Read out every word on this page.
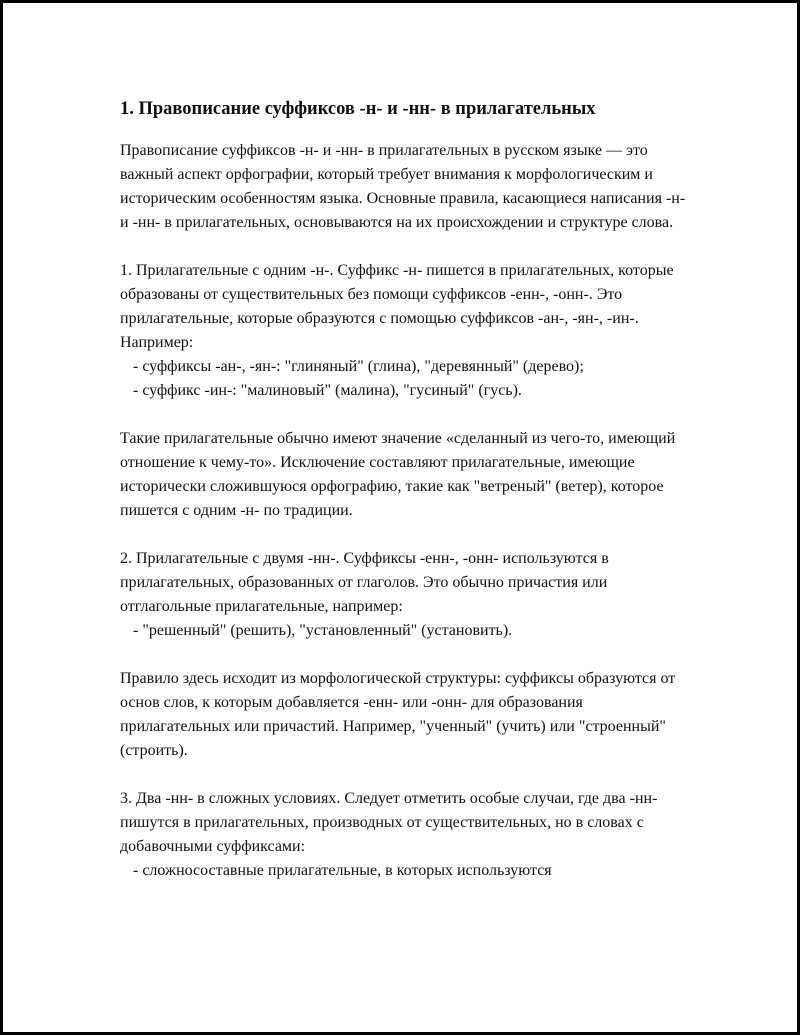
1. Правописание суффиксов -н- и -нн- в прилагательных

Правописание суффиксов -н- и -нн- в прилагательных в русском языке — это важный аспект орфографии, который требует внимания к морфологическим и историческим особенностям языка. Основные правила, касающиеся написания -н- и -нн- в прилагательных, основываются на их происхождении и структуре слова.

1. Прилагательные с одним -н-. Суффикс -н- пишется в прилагательных, которые образованы от существительных без помощи суффиксов -енн-, -онн-. Это прилагательные, которые образуются с помощью суффиксов -ан-, -ян-, -ин-. Например:
- суффиксы -ан-, -ян-: "глиняный" (глина), "деревянный" (дерево);
- суффикс -ин-: "малиновый" (малина), "гусиный" (гусь).

Такие прилагательные обычно имеют значение «сделанный из чего-то, имеющий отношение к чему-то». Исключение составляют прилагательные, имеющие исторически сложившуюся орфографию, такие как "ветреный" (ветер), которое пишется с одним -н- по традиции.

2. Прилагательные с двумя -нн-. Суффиксы -енн-, -онн- используются в прилагательных, образованных от глаголов. Это обычно причастия или отглагольные прилагательные, например:
- "решенный" (решить), "установленный" (установить).

Правило здесь исходит из морфологической структуры: суффиксы образуются от основ слов, к которым добавляется -енн- или -онн- для образования прилагательных или причастий. Например, "ученный" (учить) или "строенный" (строить).

3. Два -нн- в сложных условиях. Следует отметить особые случаи, где два -нн- пишутся в прилагательных, производных от существительных, но в словах с добавочными суффиксами:
- сложносоставные прилагательные, в которых используются
